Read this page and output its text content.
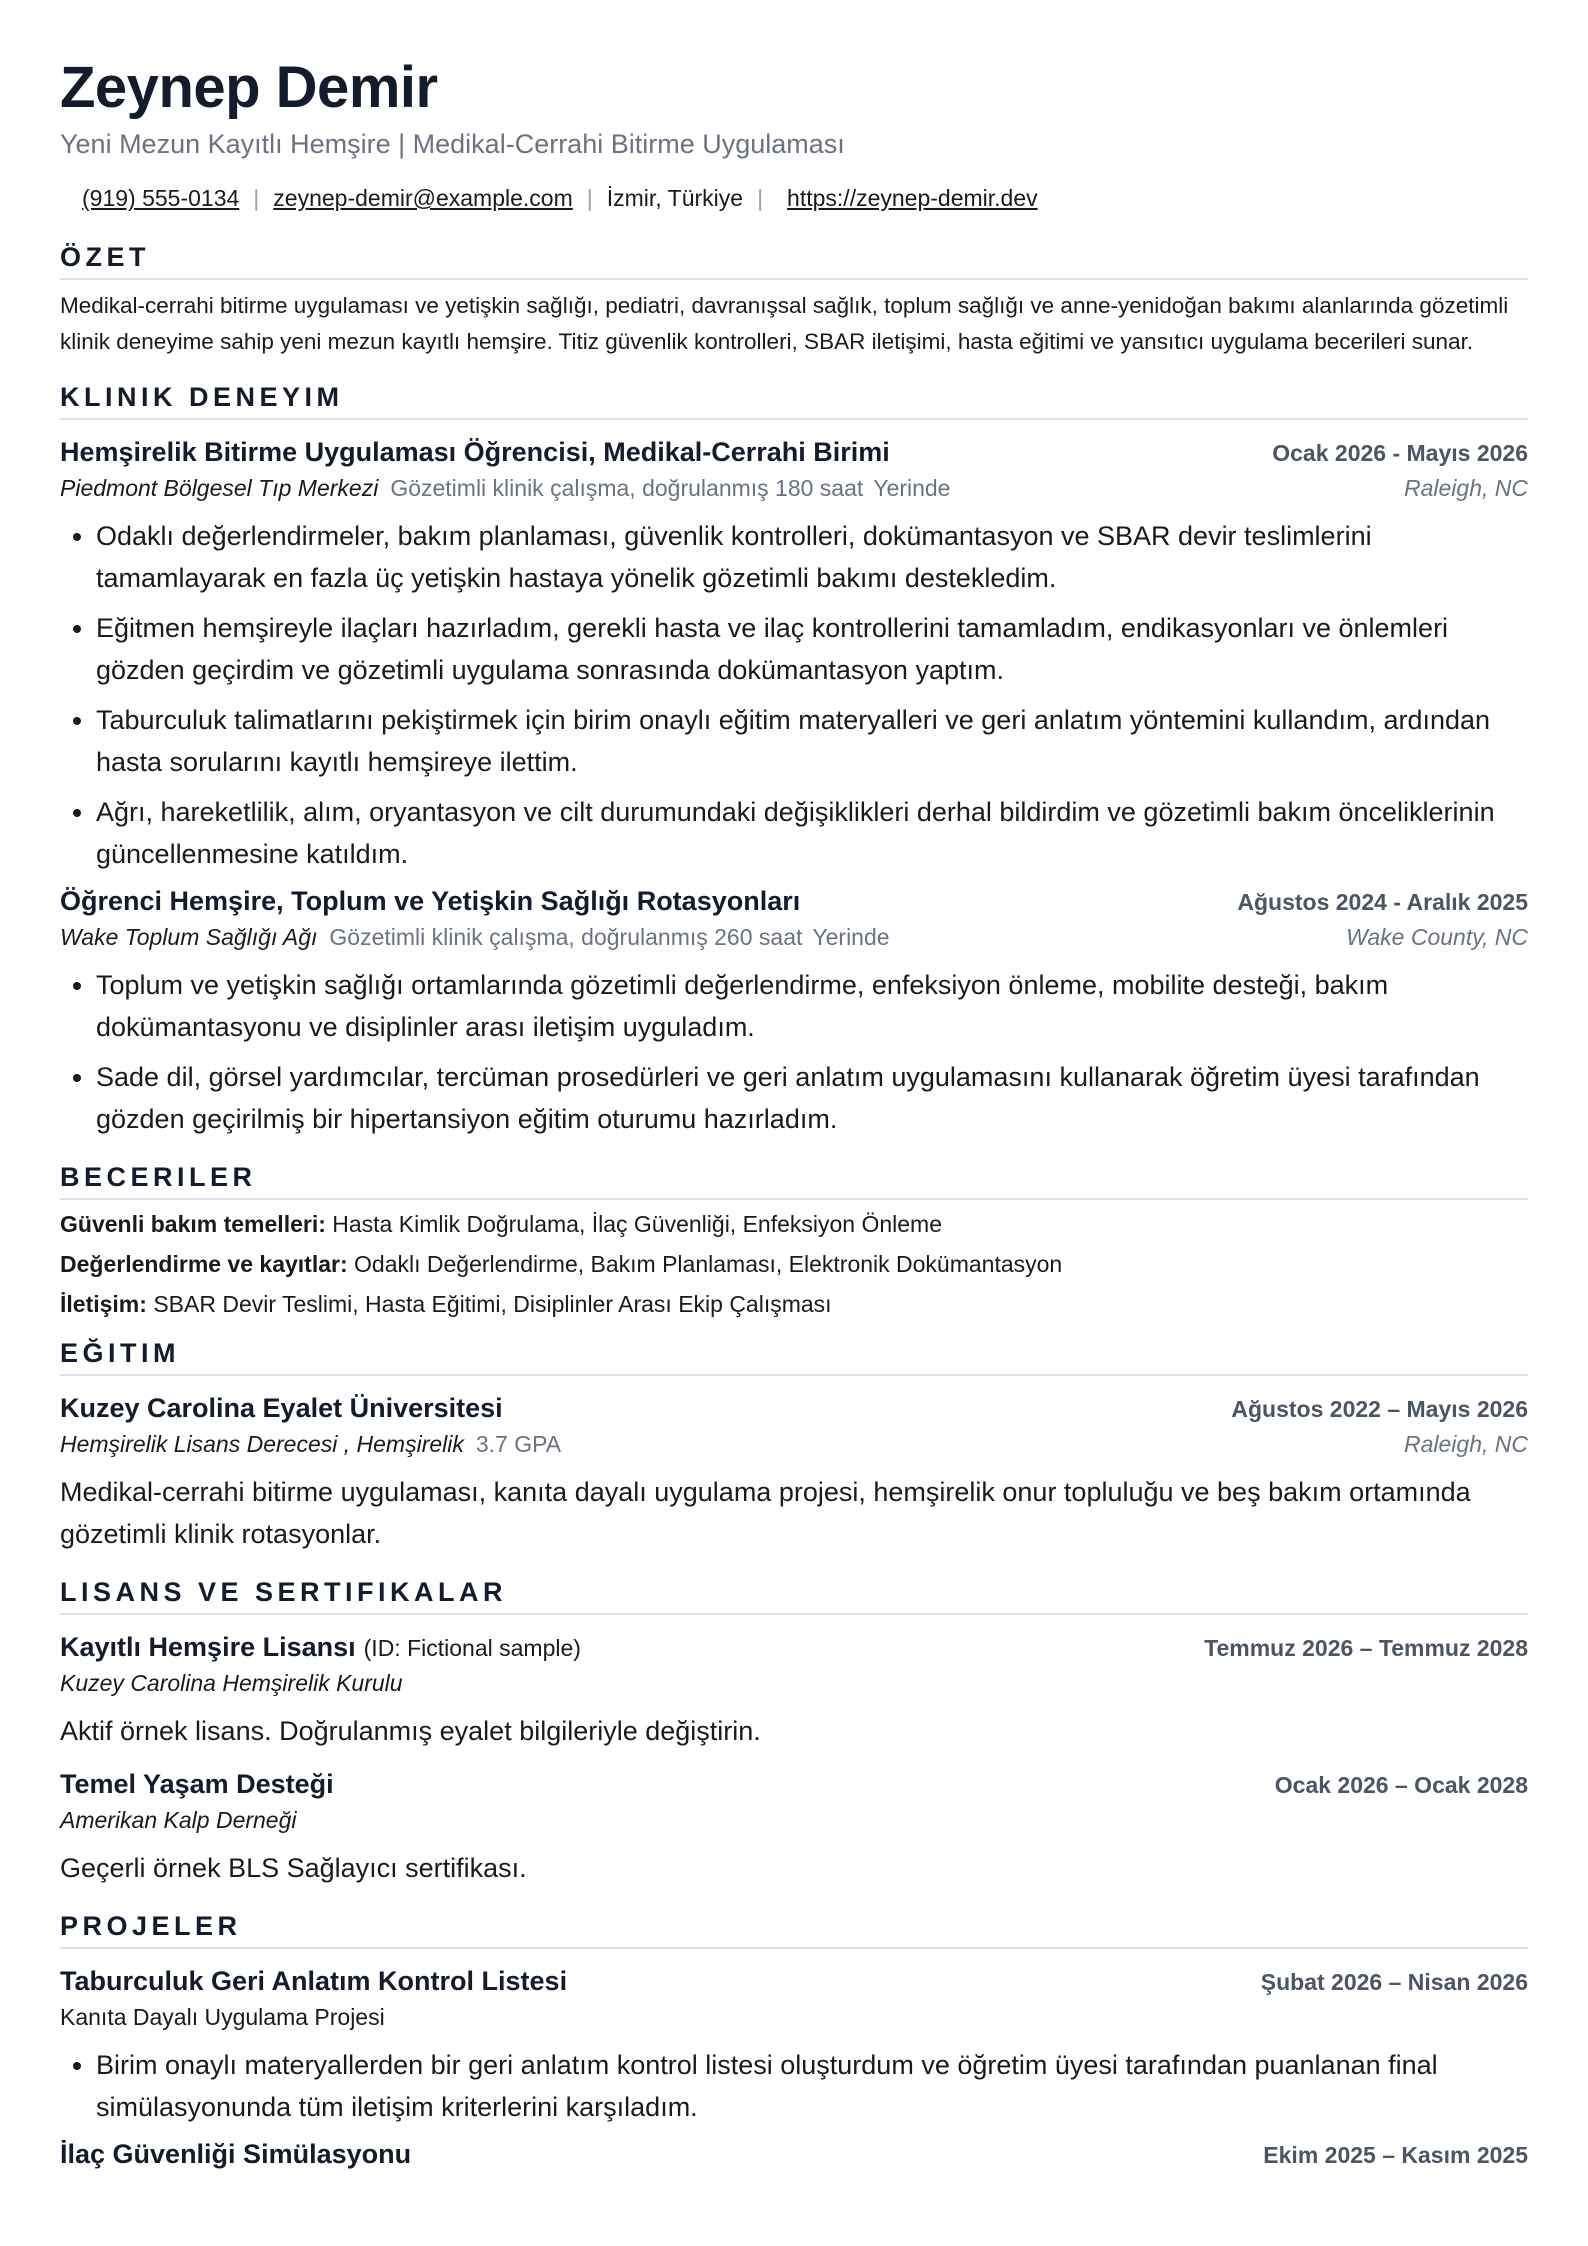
Zeynep Demir
Yeni Mezun Kayıtlı Hemşire | Medikal-Cerrahi Bitirme Uygulaması
(919) 555-0134 | zeynep-demir@example.com | İzmir, Türkiye | https://zeynep-demir.dev
ÖZET
Medikal-cerrahi bitirme uygulaması ve yetişkin sağlığı, pediatri, davranışsal sağlık, toplum sağlığı ve anne-yenidoğan bakımı alanlarında gözetimli klinik deneyime sahip yeni mezun kayıtlı hemşire. Titiz güvenlik kontrolleri, SBAR iletişimi, hasta eğitimi ve yansıtıcı uygulama becerileri sunar.
KLINIK DENEYIM
Hemşirelik Bitirme Uygulaması Öğrencisi, Medikal-Cerrahi Birimi	Ocak 2026 - Mayıs 2026
Piedmont Bölgesel Tıp Merkezi Gözetimli klinik çalışma, doğrulanmış 180 saat Yerinde	Raleigh, NC
• Odaklı değerlendirmeler, bakım planlaması, güvenlik kontrolleri, dokümantasyon ve SBAR devir teslimlerini tamamlayarak en fazla üç yetişkin hastaya yönelik gözetimli bakımı destekledim.
• Eğitmen hemşireyle ilaçları hazırladım, gerekli hasta ve ilaç kontrollerini tamamladım, endikasyonları ve önlemleri gözden geçirdim ve gözetimli uygulama sonrasında dokümantasyon yaptım.
• Taburculuk talimatlarını pekiştirmek için birim onaylı eğitim materyalleri ve geri anlatım yöntemini kullandım, ardından hasta sorularını kayıtlı hemşireye ilettim.
• Ağrı, hareketlilik, alım, oryantasyon ve cilt durumundaki değişiklikleri derhal bildirdim ve gözetimli bakım önceliklerinin güncellenmesine katıldım.
Öğrenci Hemşire, Toplum ve Yetişkin Sağlığı Rotasyonları	Ağustos 2024 - Aralık 2025
Wake Toplum Sağlığı Ağı Gözetimli klinik çalışma, doğrulanmış 260 saat Yerinde	Wake County, NC
• Toplum ve yetişkin sağlığı ortamlarında gözetimli değerlendirme, enfeksiyon önleme, mobilite desteği, bakım dokümantasyonu ve disiplinler arası iletişim uyguladım.
• Sade dil, görsel yardımcılar, tercüman prosedürleri ve geri anlatım uygulamasını kullanarak öğretim üyesi tarafından gözden geçirilmiş bir hipertansiyon eğitim oturumu hazırladım.
BECERILER
Güvenli bakım temelleri: Hasta Kimlik Doğrulama, İlaç Güvenliği, Enfeksiyon Önleme
Değerlendirme ve kayıtlar: Odaklı Değerlendirme, Bakım Planlaması, Elektronik Dokümantasyon
İletişim: SBAR Devir Teslimi, Hasta Eğitimi, Disiplinler Arası Ekip Çalışması
EĞITIM
Kuzey Carolina Eyalet Üniversitesi	Ağustos 2022 – Mayıs 2026
Hemşirelik Lisans Derecesi , Hemşirelik 3.7 GPA	Raleigh, NC
Medikal-cerrahi bitirme uygulaması, kanıta dayalı uygulama projesi, hemşirelik onur topluluğu ve beş bakım ortamında gözetimli klinik rotasyonlar.
LISANS VE SERTIFIKALAR
Kayıtlı Hemşire Lisansı (ID: Fictional sample)	Temmuz 2026 – Temmuz 2028
Kuzey Carolina Hemşirelik Kurulu
Aktif örnek lisans. Doğrulanmış eyalet bilgileriyle değiştirin.
Temel Yaşam Desteği	Ocak 2026 – Ocak 2028
Amerikan Kalp Derneği
Geçerli örnek BLS Sağlayıcı sertifikası.
PROJELER
Taburculuk Geri Anlatım Kontrol Listesi	Şubat 2026 – Nisan 2026
Kanıta Dayalı Uygulama Projesi
• Birim onaylı materyallerden bir geri anlatım kontrol listesi oluşturdum ve öğretim üyesi tarafından puanlanan final simülasyonunda tüm iletişim kriterlerini karşıladım.
İlaç Güvenliği Simülasyonu	Ekim 2025 – Kasım 2025
